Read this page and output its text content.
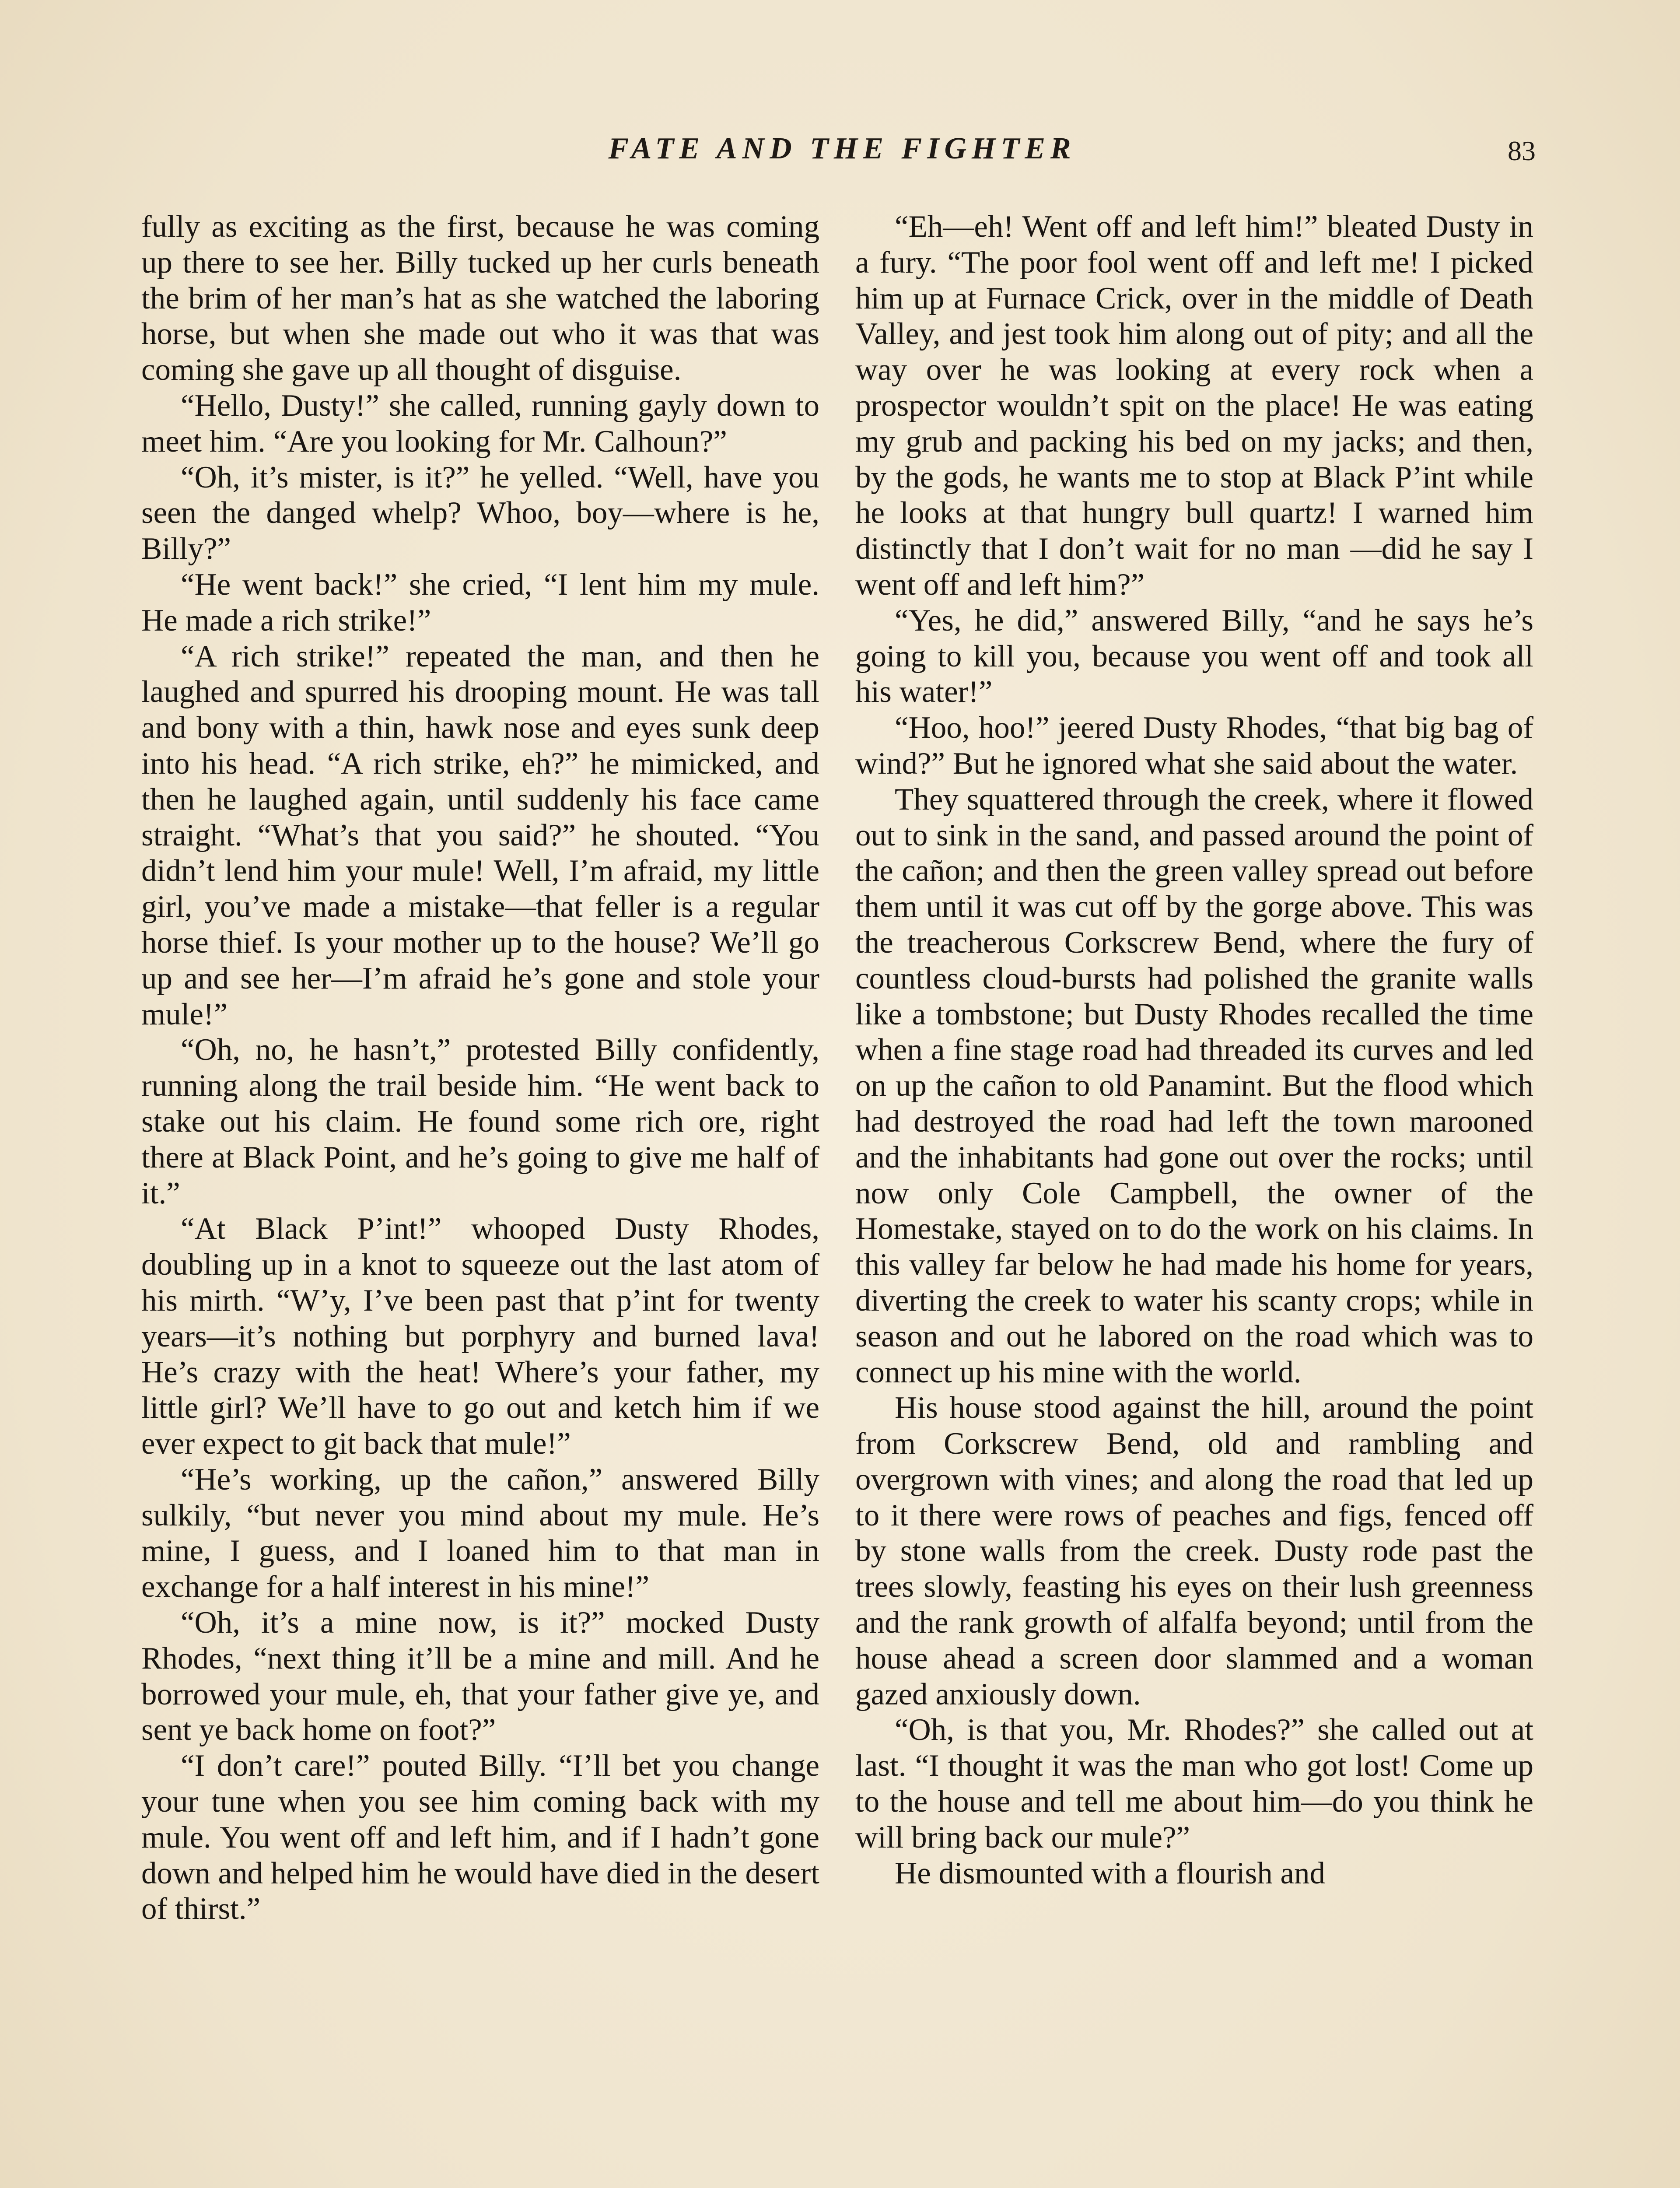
FATE AND THE FIGHTER	83

fully as exciting as the first, because he was coming up there to see her. Billy tucked up her curls beneath the brim of her man’s hat as she watched the laboring horse, but when she made out who it was that was coming she gave up all thought of disguise.

“Hello, Dusty!” she called, running gayly down to meet him. “Are you looking for Mr. Calhoun?”

“Oh, it’s mister, is it?” he yelled. “Well, have you seen the danged whelp? Whoo, boy—where is he, Billy?”

“He went back!” she cried, “I lent him my mule. He made a rich strike!”

“A rich strike!” repeated the man, and then he laughed and spurred his drooping mount. He was tall and bony with a thin, hawk nose and eyes sunk deep into his head. “A rich strike, eh?” he mimicked, and then he laughed again, until suddenly his face came straight. “What’s that you said?” he shouted. “You didn’t lend him your mule! Well, I’m afraid, my little girl, you’ve made a mistake—that feller is a regular horse thief. Is your mother up to the house? We’ll go up and see her—I’m afraid he’s gone and stole your mule!”

“Oh, no, he hasn’t,” protested Billy confidently, running along the trail beside him. “He went back to stake out his claim. He found some rich ore, right there at Black Point, and he’s going to give me half of it.”

“At Black P’int!” whooped Dusty Rhodes, doubling up in a knot to squeeze out the last atom of his mirth. “W’y, I’ve been past that p’int for twenty years—it’s nothing but porphyry and burned lava! He’s crazy with the heat! Where’s your father, my little girl? We’ll have to go out and ketch him if we ever expect to git back that mule!”

“He’s working, up the cañon,” answered Billy sulkily, “but never you mind about my mule. He’s mine, I guess, and I loaned him to that man in exchange for a half interest in his mine!”

“Oh, it’s a mine now, is it?” mocked Dusty Rhodes, “next thing it’ll be a mine and mill. And he borrowed your mule, eh, that your father give ye, and sent ye back home on foot?”

“I don’t care!” pouted Billy. “I’ll bet you change your tune when you see him coming back with my mule. You went off and left him, and if I hadn’t gone down and helped him he would have died in the desert of thirst.”

“Eh—eh! Went off and left him!” bleated Dusty in a fury. “The poor fool went off and left me! I picked him up at Furnace Crick, over in the middle of Death Valley, and jest took him along out of pity; and all the way over he was looking at every rock when a prospector wouldn’t spit on the place! He was eating my grub and packing his bed on my jacks; and then, by the gods, he wants me to stop at Black P’int while he looks at that hungry bull quartz! I warned him distinctly that I don’t wait for no man —did he say I went off and left him?”

“Yes, he did,” answered Billy, “and he says he’s going to kill you, because you went off and took all his water!”

“Hoo, hoo!” jeered Dusty Rhodes, “that big bag of wind?” But he ignored what she said about the water.

They squattered through the creek, where it flowed out to sink in the sand, and passed around the point of the cañon; and then the green valley spread out before them until it was cut off by the gorge above. This was the treacherous Corkscrew Bend, where the fury of countless cloud-bursts had polished the granite walls like a tombstone; but Dusty Rhodes recalled the time when a fine stage road had threaded its curves and led on up the cañon to old Panamint. But the flood which had destroyed the road had left the town marooned and the inhabitants had gone out over the rocks; until now only Cole Campbell, the owner of the Homestake, stayed on to do the work on his claims. In this valley far below he had made his home for years, diverting the creek to water his scanty crops; while in season and out he labored on the road which was to connect up his mine with the world.

His house stood against the hill, around the point from Corkscrew Bend, old and rambling and overgrown with vines; and along the road that led up to it there were rows of peaches and figs, fenced off by stone walls from the creek. Dusty rode past the trees slowly, feasting his eyes on their lush greenness and the rank growth of alfalfa beyond; until from the house ahead a screen door slammed and a woman gazed anxiously down.

“Oh, is that you, Mr. Rhodes?” she called out at last. “I thought it was the man who got lost! Come up to the house and tell me about him—do you think he will bring back our mule?”

He dismounted with a flourish and
